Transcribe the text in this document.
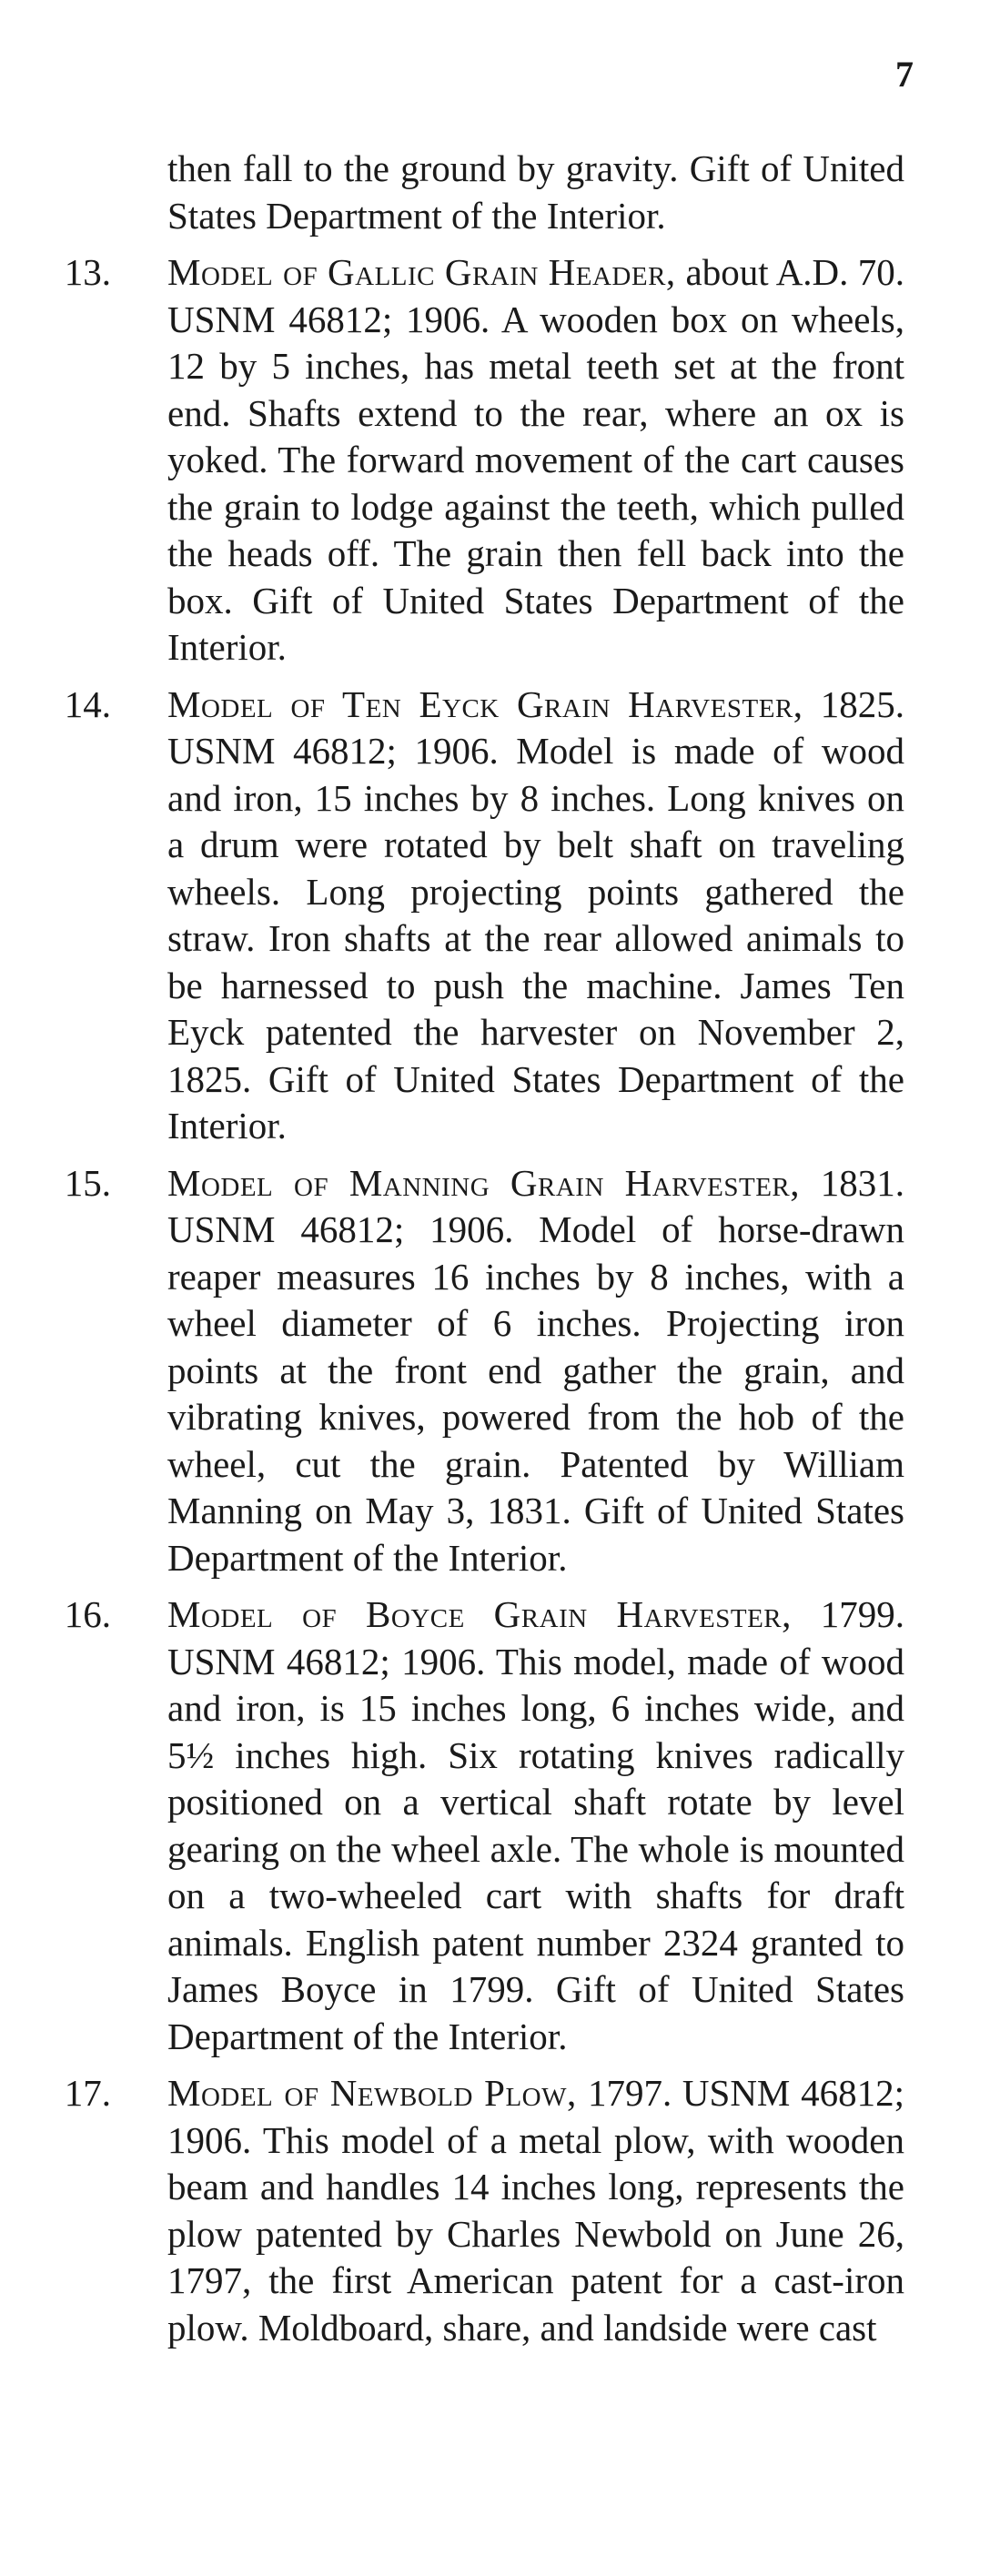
7
then fall to the ground by gravity. Gift of United States Department of the Interior.
13. Model of Gallic Grain Header, about A.D. 70. USNM 46812; 1906. A wooden box on wheels, 12 by 5 inches, has metal teeth set at the front end. Shafts extend to the rear, where an ox is yoked. The forward movement of the cart causes the grain to lodge against the teeth, which pulled the heads off. The grain then fell back into the box. Gift of United States Department of the Interior.
14. Model of Ten Eyck Grain Harvester, 1825. USNM 46812; 1906. Model is made of wood and iron, 15 inches by 8 inches. Long knives on a drum were rotated by belt shaft on traveling wheels. Long projecting points gathered the straw. Iron shafts at the rear allowed animals to be harnessed to push the machine. James Ten Eyck patented the harvester on November 2, 1825. Gift of United States Department of the Interior.
15. Model of Manning Grain Harvester, 1831. USNM 46812; 1906. Model of horse-drawn reaper measures 16 inches by 8 inches, with a wheel diameter of 6 inches. Projecting iron points at the front end gather the grain, and vibrating knives, powered from the hob of the wheel, cut the grain. Patented by William Manning on May 3, 1831. Gift of United States Department of the Interior.
16. Model of Boyce Grain Harvester, 1799. USNM 46812; 1906. This model, made of wood and iron, is 15 inches long, 6 inches wide, and 5½ inches high. Six rotating knives radically positioned on a vertical shaft rotate by level gearing on the wheel axle. The whole is mounted on a two-wheeled cart with shafts for draft animals. English patent number 2324 granted to James Boyce in 1799. Gift of United States Department of the Interior.
17. Model of Newbold Plow, 1797. USNM 46812; 1906. This model of a metal plow, with wooden beam and handles 14 inches long, represents the plow patented by Charles Newbold on June 26, 1797, the first American patent for a cast-iron plow. Moldboard, share, and landside were cast
